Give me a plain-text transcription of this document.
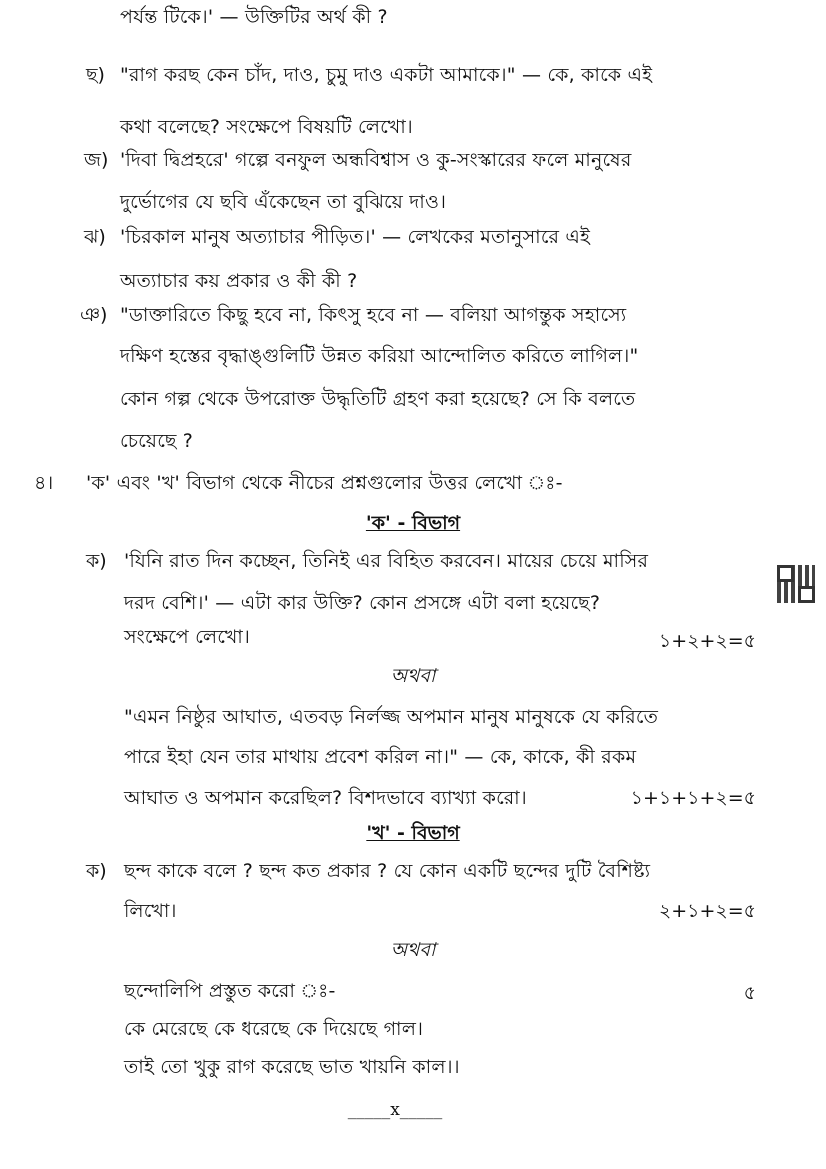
পর্যন্ত টিকে।' — উক্তিটির অর্থ কী ?
ছ) "রাগ করছ কেন চাঁদ, দাও, চুমু দাও একটা আমাকে।" — কে, কাকে এই
কথা বলেছে? সংক্ষেপে বিষয়টি লেখো।
জ) 'দিবা দ্বিপ্রহরে' গল্পে বনফুল অন্ধবিশ্বাস ও কু-সংস্কারের ফলে মানুষের
দুর্ভোগের যে ছবি এঁকেছেন তা বুঝিয়ে দাও।
ঝ) 'চিরকাল মানুষ অত্যাচার পীড়িত।' — লেখকের মতানুসারে এই
অত্যাচার কয় প্রকার ও কী কী ?
ঞ) "ডাক্তারিতে কিছু হবে না, কিৎসু হবে না — বলিয়া আগন্তুক সহাস্যে
দক্ষিণ হস্তের বৃদ্ধাঙ্গুলিটি উন্নত করিয়া আন্দোলিত করিতে লাগিল।"
কোন গল্প থেকে উপরোক্ত উদ্ধৃতিটি গ্রহণ করা হয়েছে? সে কি বলতে
চেয়েছে ?
৪। 'ক' এবং 'খ' বিভাগ থেকে নীচের প্রশ্নগুলোর উত্তর লেখো ঃ-
'ক' - বিভাগ
ক) 'যিনি রাত দিন কচ্ছেন, তিনিই এর বিহিত করবেন। মায়ের চেয়ে মাসির
দরদ বেশি।' — এটা কার উক্তি? কোন প্রসঙ্গে এটা বলা হয়েছে?
সংক্ষেপে লেখো।	১+২+২=৫
অথবা
"এমন নিষ্ঠুর আঘাত, এতবড় নির্লজ্জ অপমান মানুষ মানুষকে যে করিতে
পারে ইহা যেন তার মাথায় প্রবেশ করিল না।" — কে, কাকে, কী রকম
আঘাত ও অপমান করেছিল? বিশদভাবে ব্যাখ্যা করো।	১+১+১+২=৫
'খ' - বিভাগ
ক) ছন্দ কাকে বলে ? ছন্দ কত প্রকার ? যে কোন একটি ছন্দের দুটি বৈশিষ্ট্য
লিখো।	২+১+২=৫
অথবা
ছন্দোলিপি প্রস্তুত করো ঃ-	৫
কে মেরেছে কে ধরেছে কে দিয়েছে গাল।
তাই তো খুকু রাগ করেছে ভাত খায়নি কাল।।
_____x_____
